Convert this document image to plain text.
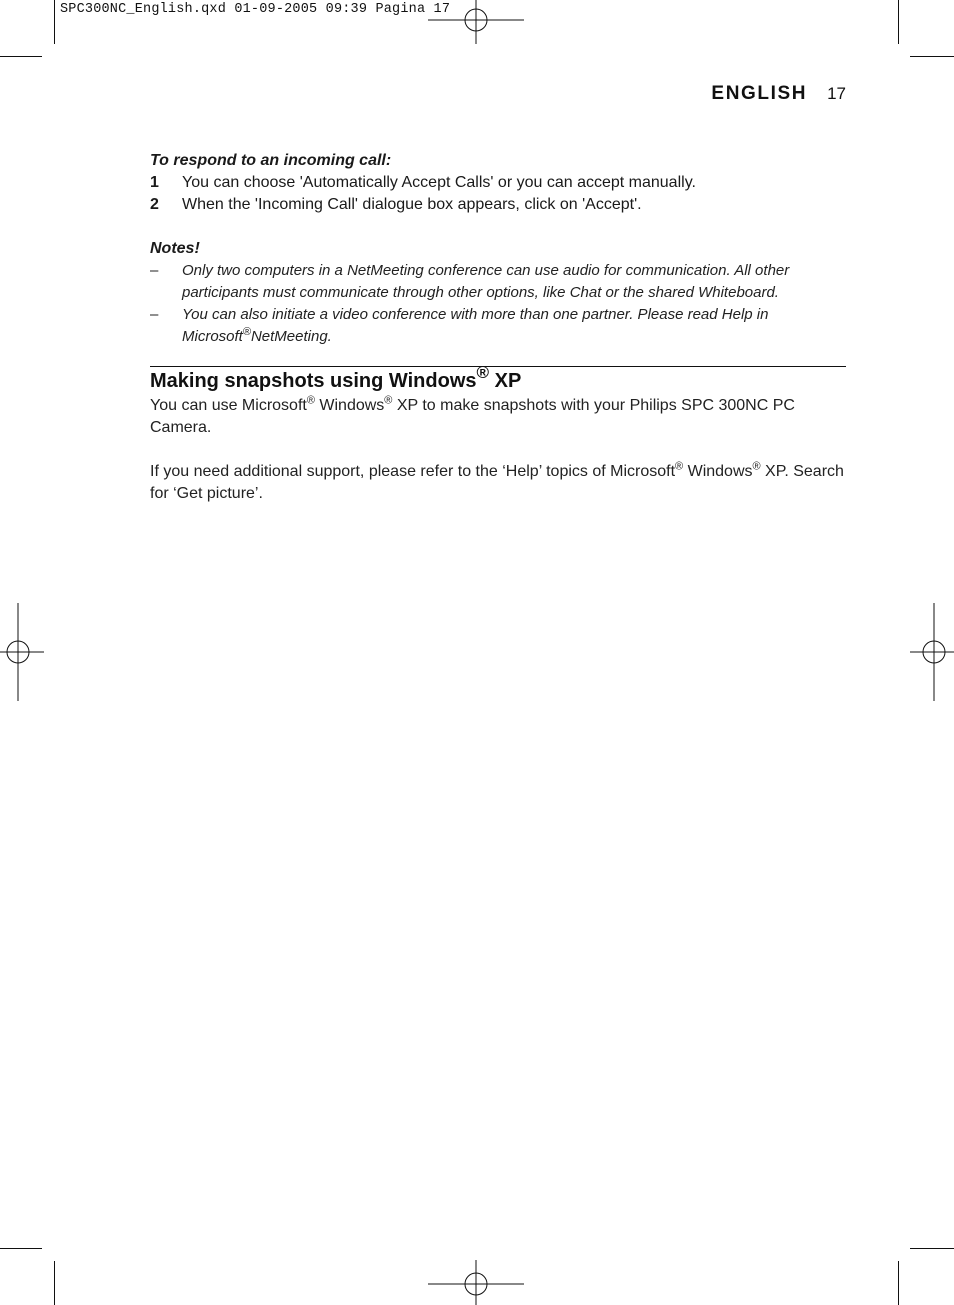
SPC300NC_English.qxd 01-09-2005 09:39 Pagina 17
ENGLISH 17

To respond to an incoming call:

1	You can choose 'Automatically Accept Calls' or you can accept manually.
2	When the 'Incoming Call' dialogue box appears, click on 'Accept'.

Notes!

–	Only two computers in a NetMeeting conference can use audio for communication. All other participants must communicate through other options, like Chat or the shared Whiteboard.
–	You can also initiate a video conference with more than one partner. Please read Help in Microsoft®NetMeeting.
Making snapshots using Windows® XP

You can use Microsoft® Windows® XP to make snapshots with your Philips SPC 300NC PC Camera.

If you need additional support, please refer to the ‘Help’ topics of Microsoft® Windows® XP. Search for ‘Get picture’.
